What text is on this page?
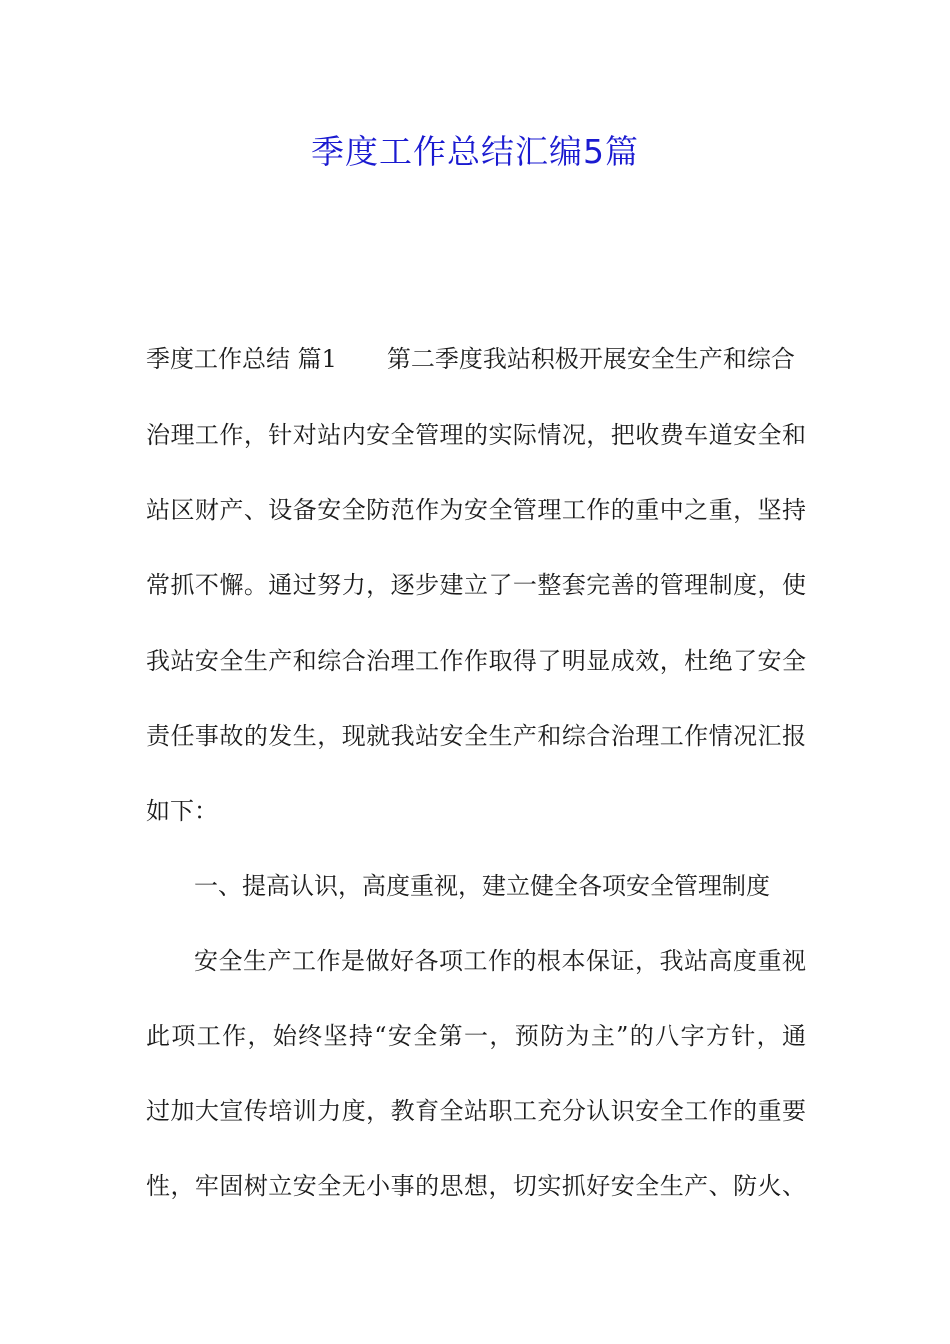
季度工作总结汇编5篇
季度工作总结 篇1 第二季度我站积极开展安全生产和综合
治理工作，针对站内安全管理的实际情况，把收费车道安全和
站区财产、设备安全防范作为安全管理工作的重中之重，坚持
常抓不懈。通过努力，逐步建立了一整套完善的管理制度，使
我站安全生产和综合治理工作作取得了明显成效，杜绝了安全
责任事故的发生，现就我站安全生产和综合治理工作情况汇报
如下：
一、提高认识，高度重视，建立健全各项安全管理制度
安全生产工作是做好各项工作的根本保证，我站高度重视
此项工作，始终坚持“安全第一，预防为主”的八字方针，通
过加大宣传培训力度，教育全站职工充分认识安全工作的重要
性，牢固树立安全无小事的思想，切实抓好安全生产、防火、
